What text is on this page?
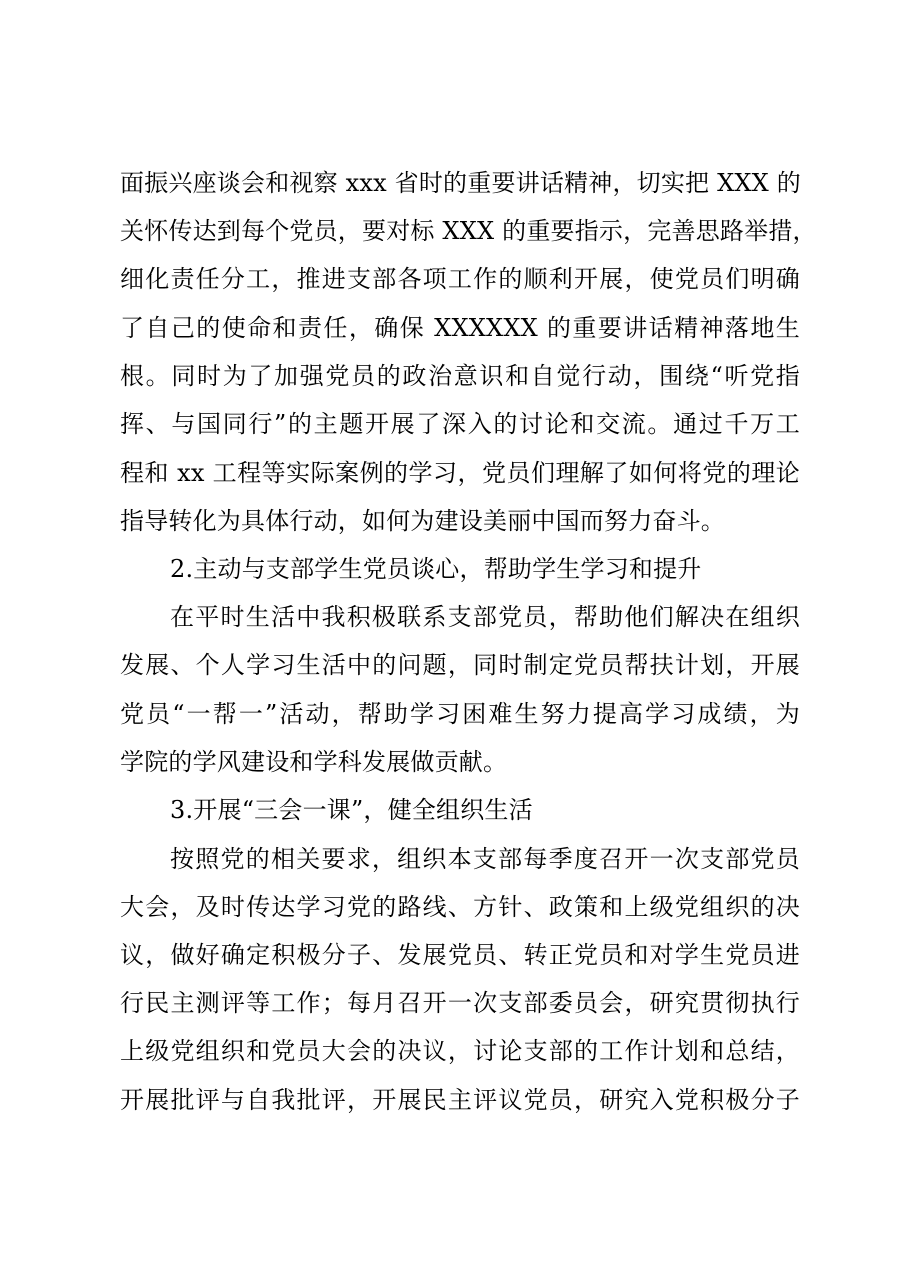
面振兴座谈会和视察 xxx 省时的重要讲话精神，切实把 XXX 的
关怀传达到每个党员，要对标 XXX 的重要指示，完善思路举措，
细化责任分工，推进支部各项工作的顺利开展，使党员们明确
了自己的使命和责任，确保 XXXXXX 的重要讲话精神落地生
根。同时为了加强党员的政治意识和自觉行动，围绕“听党指
挥、与国同行”的主题开展了深入的讨论和交流。通过千万工
程和 xx 工程等实际案例的学习，党员们理解了如何将党的理论
指导转化为具体行动，如何为建设美丽中国而努力奋斗。
2.主动与支部学生党员谈心，帮助学生学习和提升
在平时生活中我积极联系支部党员，帮助他们解决在组织
发展、个人学习生活中的问题，同时制定党员帮扶计划，开展
党员“一帮一”活动，帮助学习困难生努力提高学习成绩，为
学院的学风建设和学科发展做贡献。
3.开展“三会一课”，健全组织生活
按照党的相关要求，组织本支部每季度召开一次支部党员
大会，及时传达学习党的路线、方针、政策和上级党组织的决
议，做好确定积极分子、发展党员、转正党员和对学生党员进
行民主测评等工作；每月召开一次支部委员会，研究贯彻执行
上级党组织和党员大会的决议，讨论支部的工作计划和总结，
开展批评与自我批评，开展民主评议党员，研究入党积极分子
